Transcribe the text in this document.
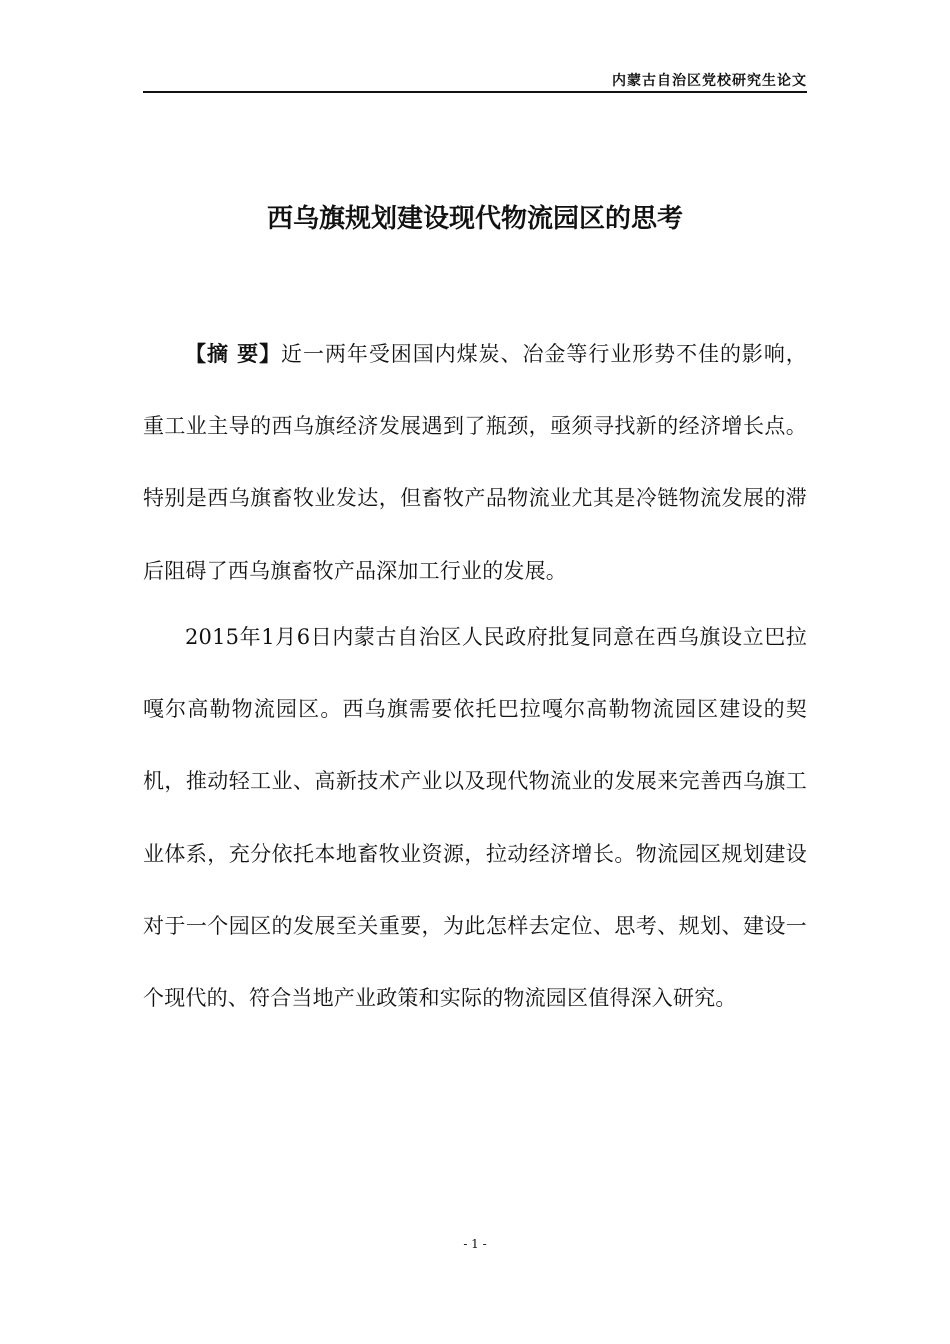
内蒙古自治区党校研究生论文
西乌旗规划建设现代物流园区的思考

【摘 要】近一两年受困国内煤炭、冶金等行业形势不佳的影响，重工业主导的西乌旗经济发展遇到了瓶颈，亟须寻找新的经济增长点。特别是西乌旗畜牧业发达，但畜牧产品物流业尤其是冷链物流发展的滞后阻碍了西乌旗畜牧产品深加工行业的发展。

2015年1月6日内蒙古自治区人民政府批复同意在西乌旗设立巴拉嘎尔高勒物流园区。西乌旗需要依托巴拉嘎尔高勒物流园区建设的契机，推动轻工业、高新技术产业以及现代物流业的发展来完善西乌旗工业体系，充分依托本地畜牧业资源，拉动经济增长。物流园区规划建设对于一个园区的发展至关重要，为此怎样去定位、思考、规划、建设一个现代的、符合当地产业政策和实际的物流园区值得深入研究。

- 1 -
